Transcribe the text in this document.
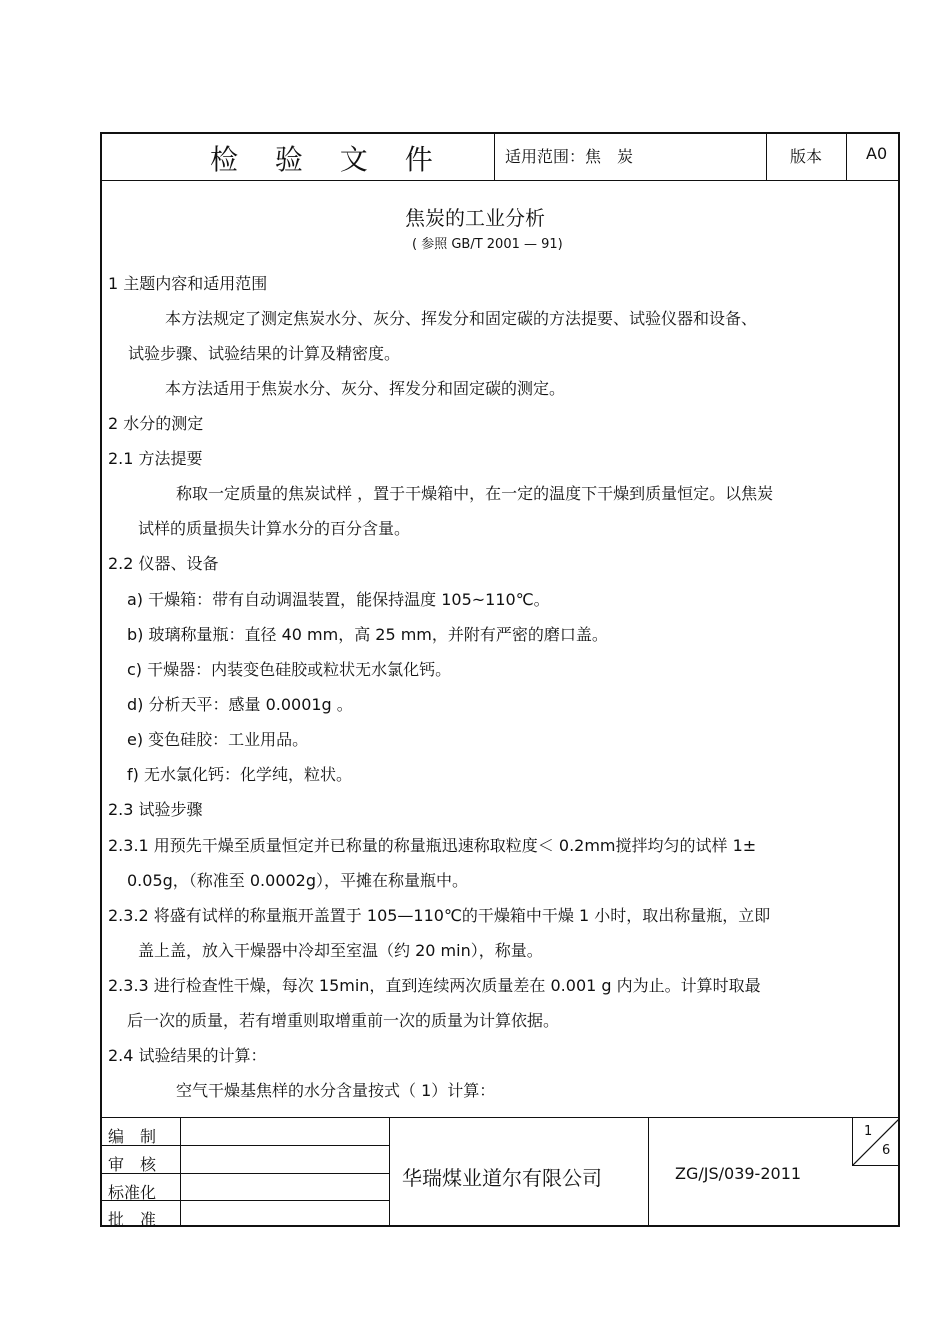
检 验 文 件	适用范围：焦　炭	版本	A0
焦炭的工业分析
( 参照 GB/T 2001 — 91)
1 主题内容和适用范围
本方法规定了测定焦炭水分、灰分、挥发分和固定碳的方法提要、试验仪器和设备、
试验步骤、试验结果的计算及精密度。
本方法适用于焦炭水分、灰分、挥发分和固定碳的测定。
2 水分的测定
2.1 方法提要
称取一定质量的焦炭试样 ，置于干燥箱中，在一定的温度下干燥到质量恒定。以焦炭
试样的质量损失计算水分的百分含量。
2.2 仪器、设备
a) 干燥箱：带有自动调温装置，能保持温度 105~110℃。
b) 玻璃称量瓶：直径 40 mm，高 25 mm，并附有严密的磨口盖。
c) 干燥器：内装变色硅胶或粒状无水氯化钙。
d) 分析天平：感量 0.0001g 。
e) 变色硅胶：工业用品。
f) 无水氯化钙：化学纯，粒状。
2.3 试验步骤
2.3.1 用预先干燥至质量恒定并已称量的称量瓶迅速称取粒度＜ 0.2mm搅拌均匀的试样 1±
0.05g，（称准至 0.0002g），平摊在称量瓶中。
2.3.2 将盛有试样的称量瓶开盖置于 105—110℃的干燥箱中干燥 1 小时，取出称量瓶，立即
盖上盖，放入干燥器中冷却至室温（约 20 min），称量。
2.3.3 进行检查性干燥，每次 15min，直到连续两次质量差在 0.001 g 内为止。计算时取最
后一次的质量，若有增重则取增重前一次的质量为计算依据。
2.4 试验结果的计算：
空气干燥基焦样的水分含量按式（ 1）计算：
编　制
审　核
标准化
批　准
华瑞煤业道尔有限公司	ZG/JS/039-2011
1
6
